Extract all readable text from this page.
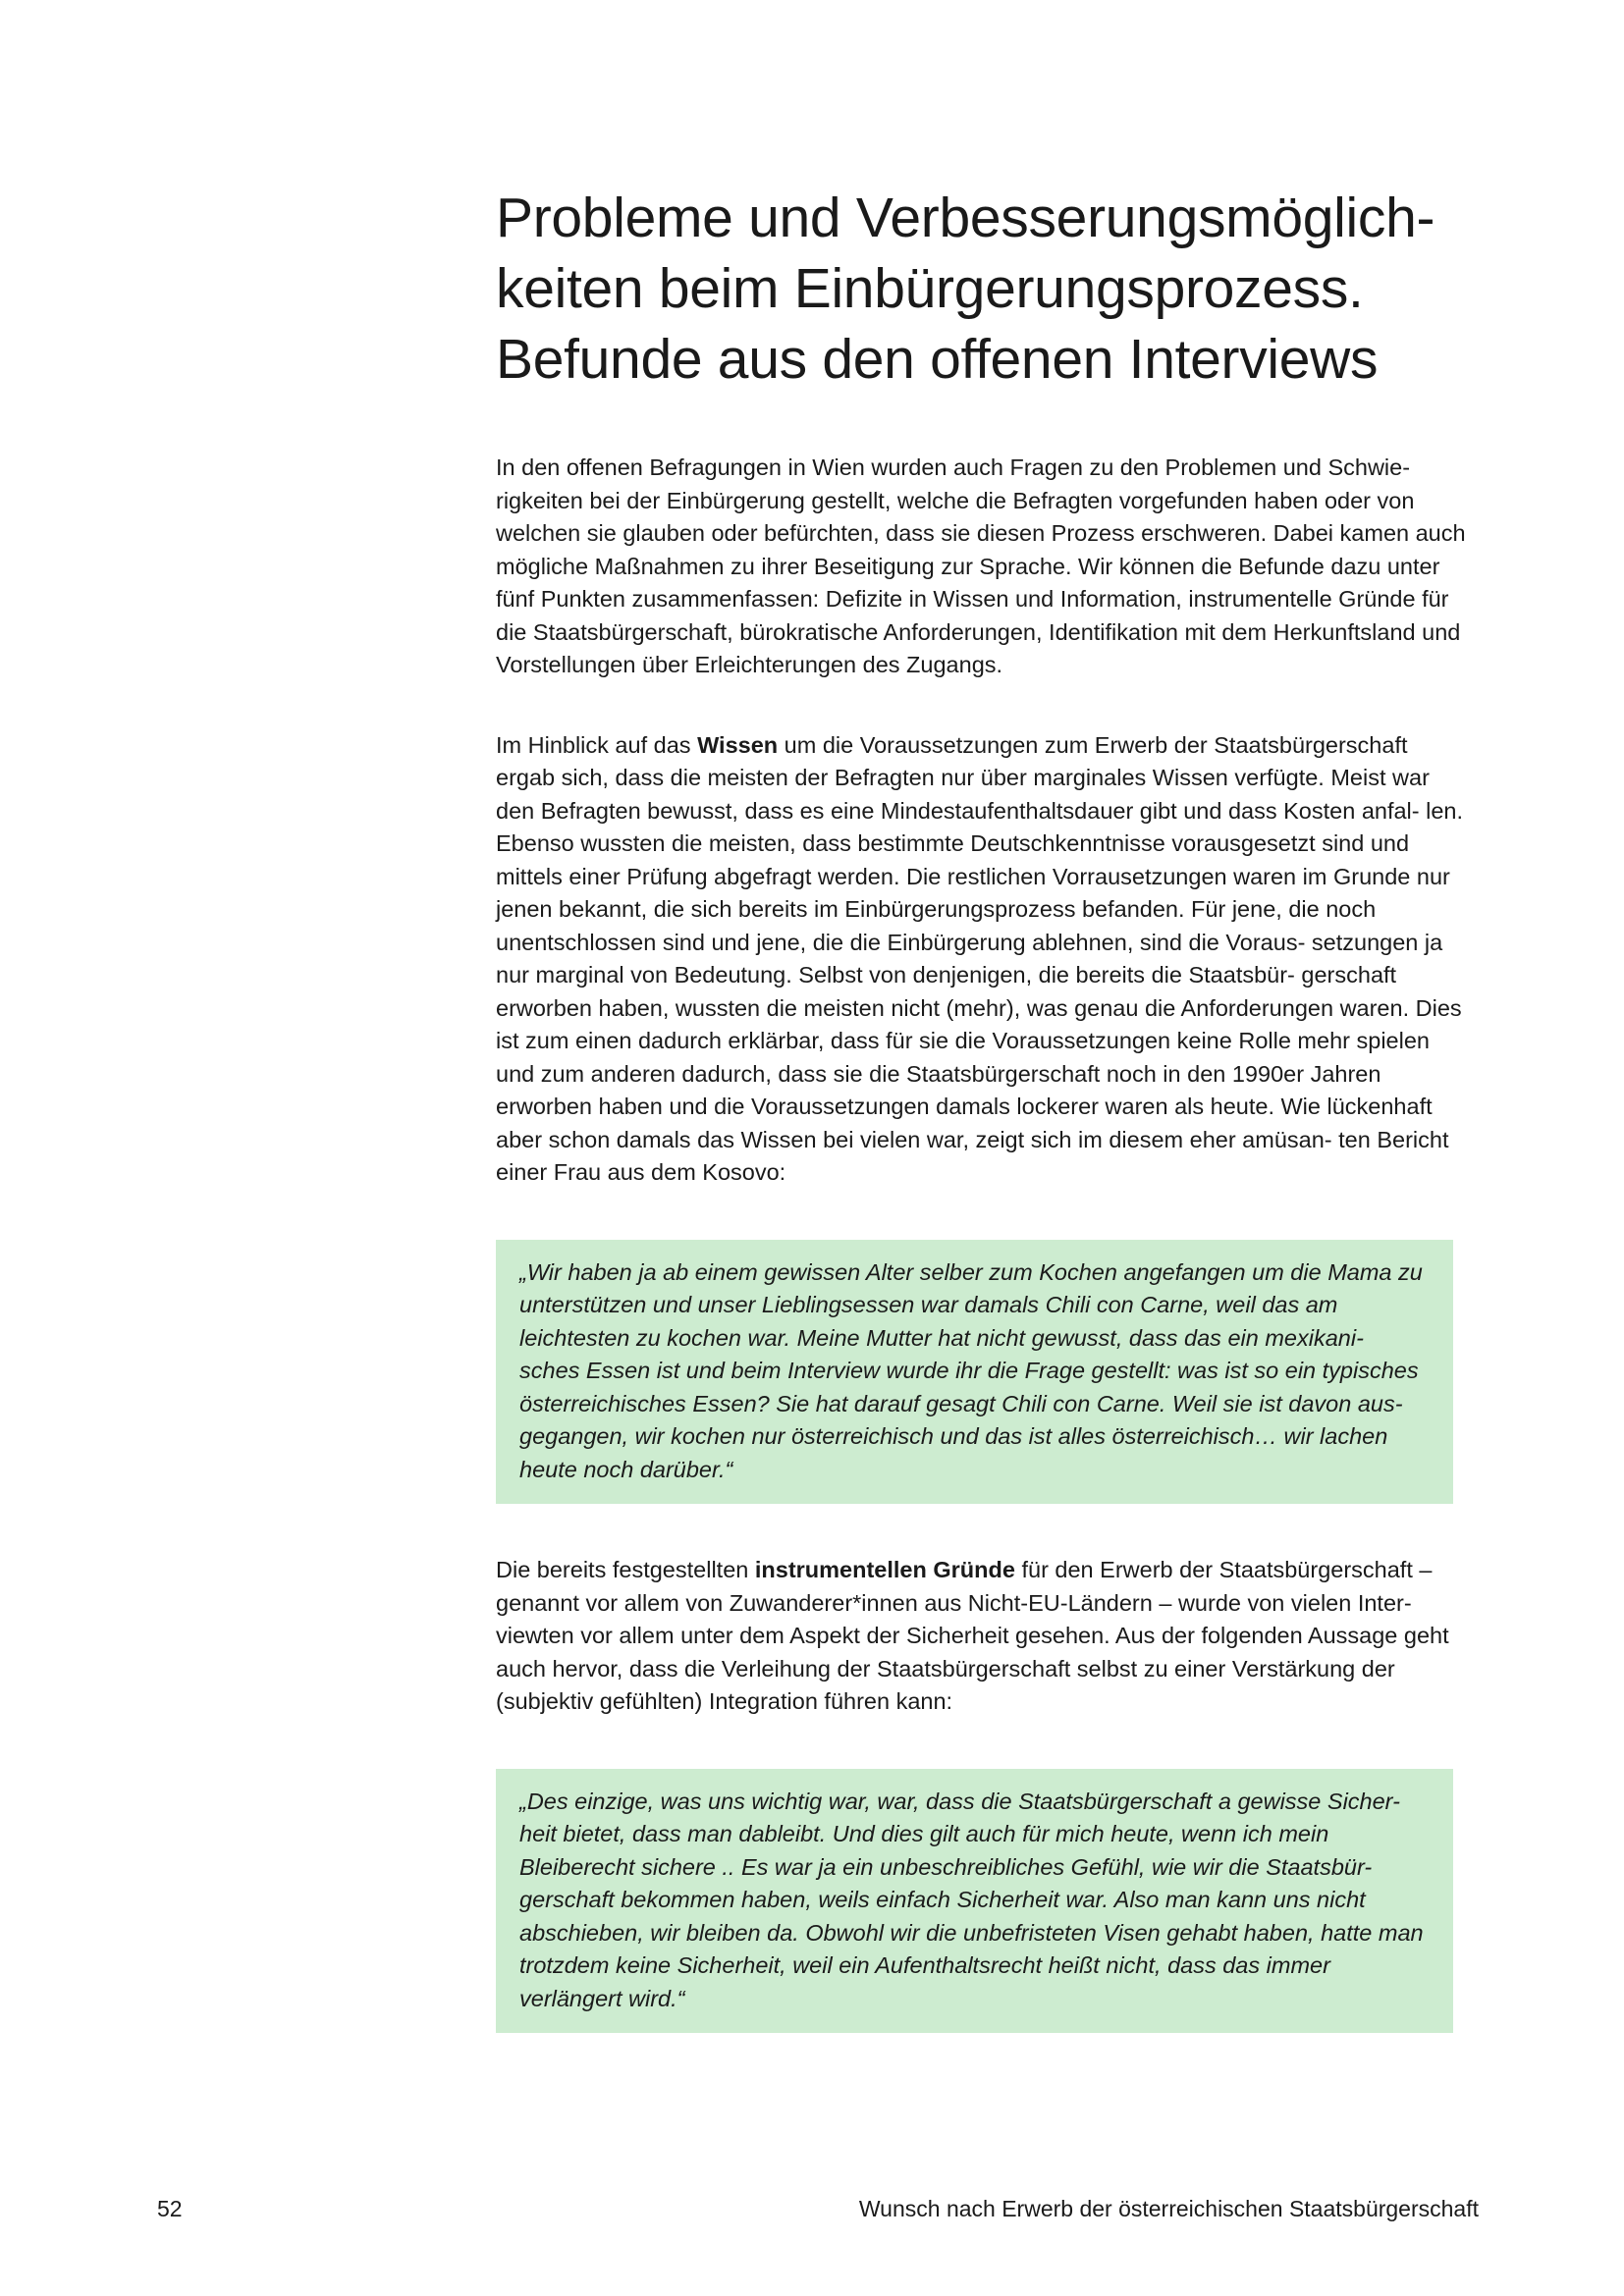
Probleme und Verbesserungsmöglich-
keiten beim Einbürgerungsprozess.
Befunde aus den offenen Interviews

In den offenen Befragungen in Wien wurden auch Fragen zu den Problemen und Schwie- rigkeiten bei der Einbürgerung gestellt, welche die Befragten vorgefunden haben oder von welchen sie glauben oder befürchten, dass sie diesen Prozess erschweren. Dabei kamen auch mögliche Maßnahmen zu ihrer Beseitigung zur Sprache. Wir können die Befunde dazu unter fünf Punkten zusammenfassen: Defizite in Wissen und Information, instrumentelle Gründe für die Staatsbürgerschaft, bürokratische Anforderungen, Identifikation mit dem Herkunftsland und Vorstellungen über Erleichterungen des Zugangs.

Im Hinblick auf das Wissen um die Voraussetzungen zum Erwerb der Staatsbürgerschaft ergab sich, dass die meisten der Befragten nur über marginales Wissen verfügte. Meist war den Befragten bewusst, dass es eine Mindestaufenthaltsdauer gibt und dass Kosten anfal- len. Ebenso wussten die meisten, dass bestimmte Deutschkenntnisse vorausgesetzt sind und mittels einer Prüfung abgefragt werden. Die restlichen Vorrausetzungen waren im Grunde nur jenen bekannt, die sich bereits im Einbürgerungsprozess befanden. Für jene, die noch unentschlossen sind und jene, die die Einbürgerung ablehnen, sind die Voraus- setzungen ja nur marginal von Bedeutung. Selbst von denjenigen, die bereits die Staatsbür- gerschaft erworben haben, wussten die meisten nicht (mehr), was genau die Anforderungen waren. Dies ist zum einen dadurch erklärbar, dass für sie die Voraussetzungen keine Rolle mehr spielen und zum anderen dadurch, dass sie die Staatsbürgerschaft noch in den 1990er Jahren erworben haben und die Voraussetzungen damals lockerer waren als heute. Wie lückenhaft aber schon damals das Wissen bei vielen war, zeigt sich im diesem eher amüsan- ten Bericht einer Frau aus dem Kosovo:

„Wir haben ja ab einem gewissen Alter selber zum Kochen angefangen um die Mama zu unterstützen und unser Lieblingsessen war damals Chili con Carne, weil das am leichtesten zu kochen war. Meine Mutter hat nicht gewusst, dass das ein mexikani- sches Essen ist und beim Interview wurde ihr die Frage gestellt: was ist so ein typisches österreichisches Essen? Sie hat darauf gesagt Chili con Carne. Weil sie ist davon aus- gegangen, wir kochen nur österreichisch und das ist alles österreichisch… wir lachen heute noch darüber.“

Die bereits festgestellten instrumentellen Gründe für den Erwerb der Staatsbürgerschaft – genannt vor allem von Zuwanderer*innen aus Nicht-EU-Ländern – wurde von vielen Inter- viewten vor allem unter dem Aspekt der Sicherheit gesehen. Aus der folgenden Aussage geht auch hervor, dass die Verleihung der Staatsbürgerschaft selbst zu einer Verstärkung der (subjektiv gefühlten) Integration führen kann:

„Des einzige, was uns wichtig war, war, dass die Staatsbürgerschaft a gewisse Sicher- heit bietet, dass man dableibt. Und dies gilt auch für mich heute, wenn ich mein Bleiberecht sichere .. Es war ja ein unbeschreibliches Gefühl, wie wir die Staatsbür- gerschaft bekommen haben, weils einfach Sicherheit war. Also man kann uns nicht abschieben, wir bleiben da. Obwohl wir die unbefristeten Visen gehabt haben, hatte man trotzdem keine Sicherheit, weil ein Aufenthaltsrecht heißt nicht, dass das immer verlängert wird.“

52	Wunsch nach Erwerb der österreichischen Staatsbürgerschaft
